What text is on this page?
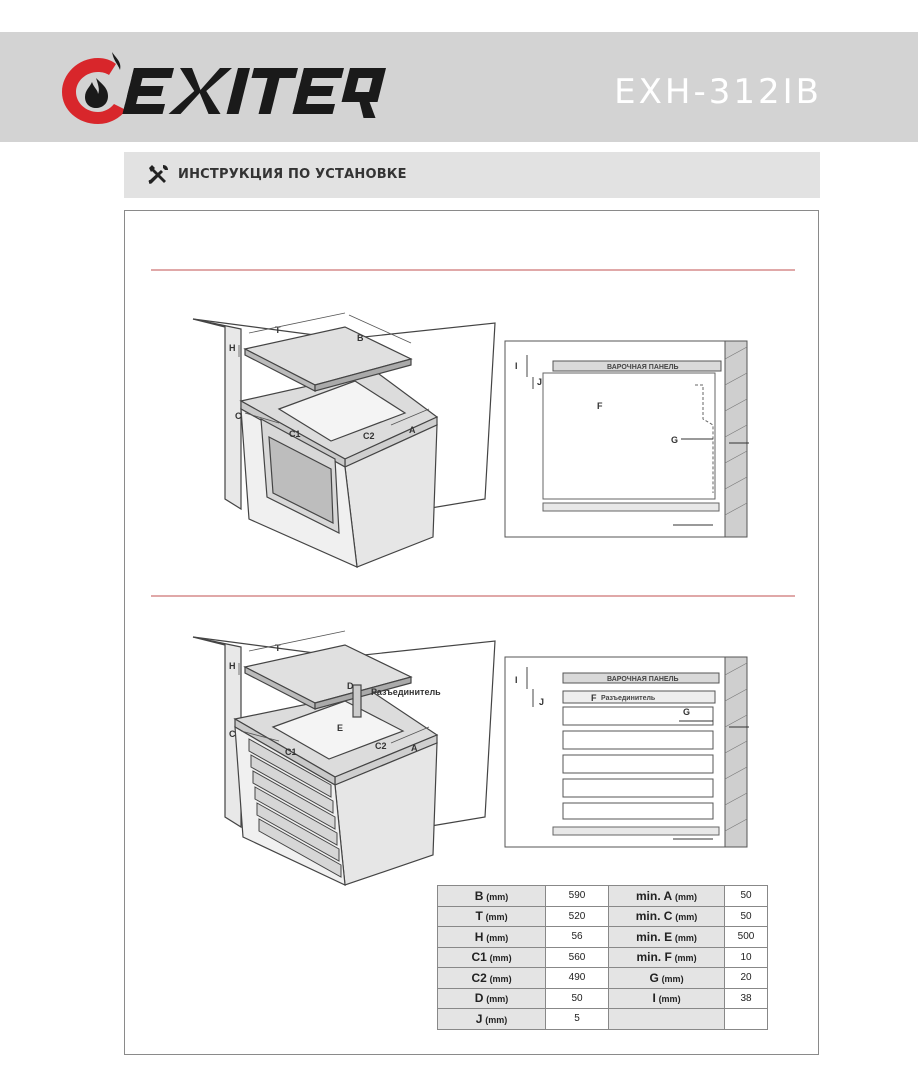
EXH-312IB
ИНСТРУКЦИЯ ПО УСТАНОВКЕ
T
B
H
C
A
C1	C2
ВАРОЧНАЯ ПАНЕЛЬ
I
J
F
G
T
H
D
Разъединитель
E
C
A
C1
C2
ВАРОЧНАЯ ПАНЕЛЬ
Разъединитель
I
J	F
G
B (mm)	590	min. A (mm)	50
T (mm)	520	min. C (mm)	50
H (mm)	56	min. E (mm)	500
C1 (mm)	560	min. F (mm)	10
C2 (mm)	490	G (mm)	20
D (mm)	50	I (mm)	38
J (mm)	5		
